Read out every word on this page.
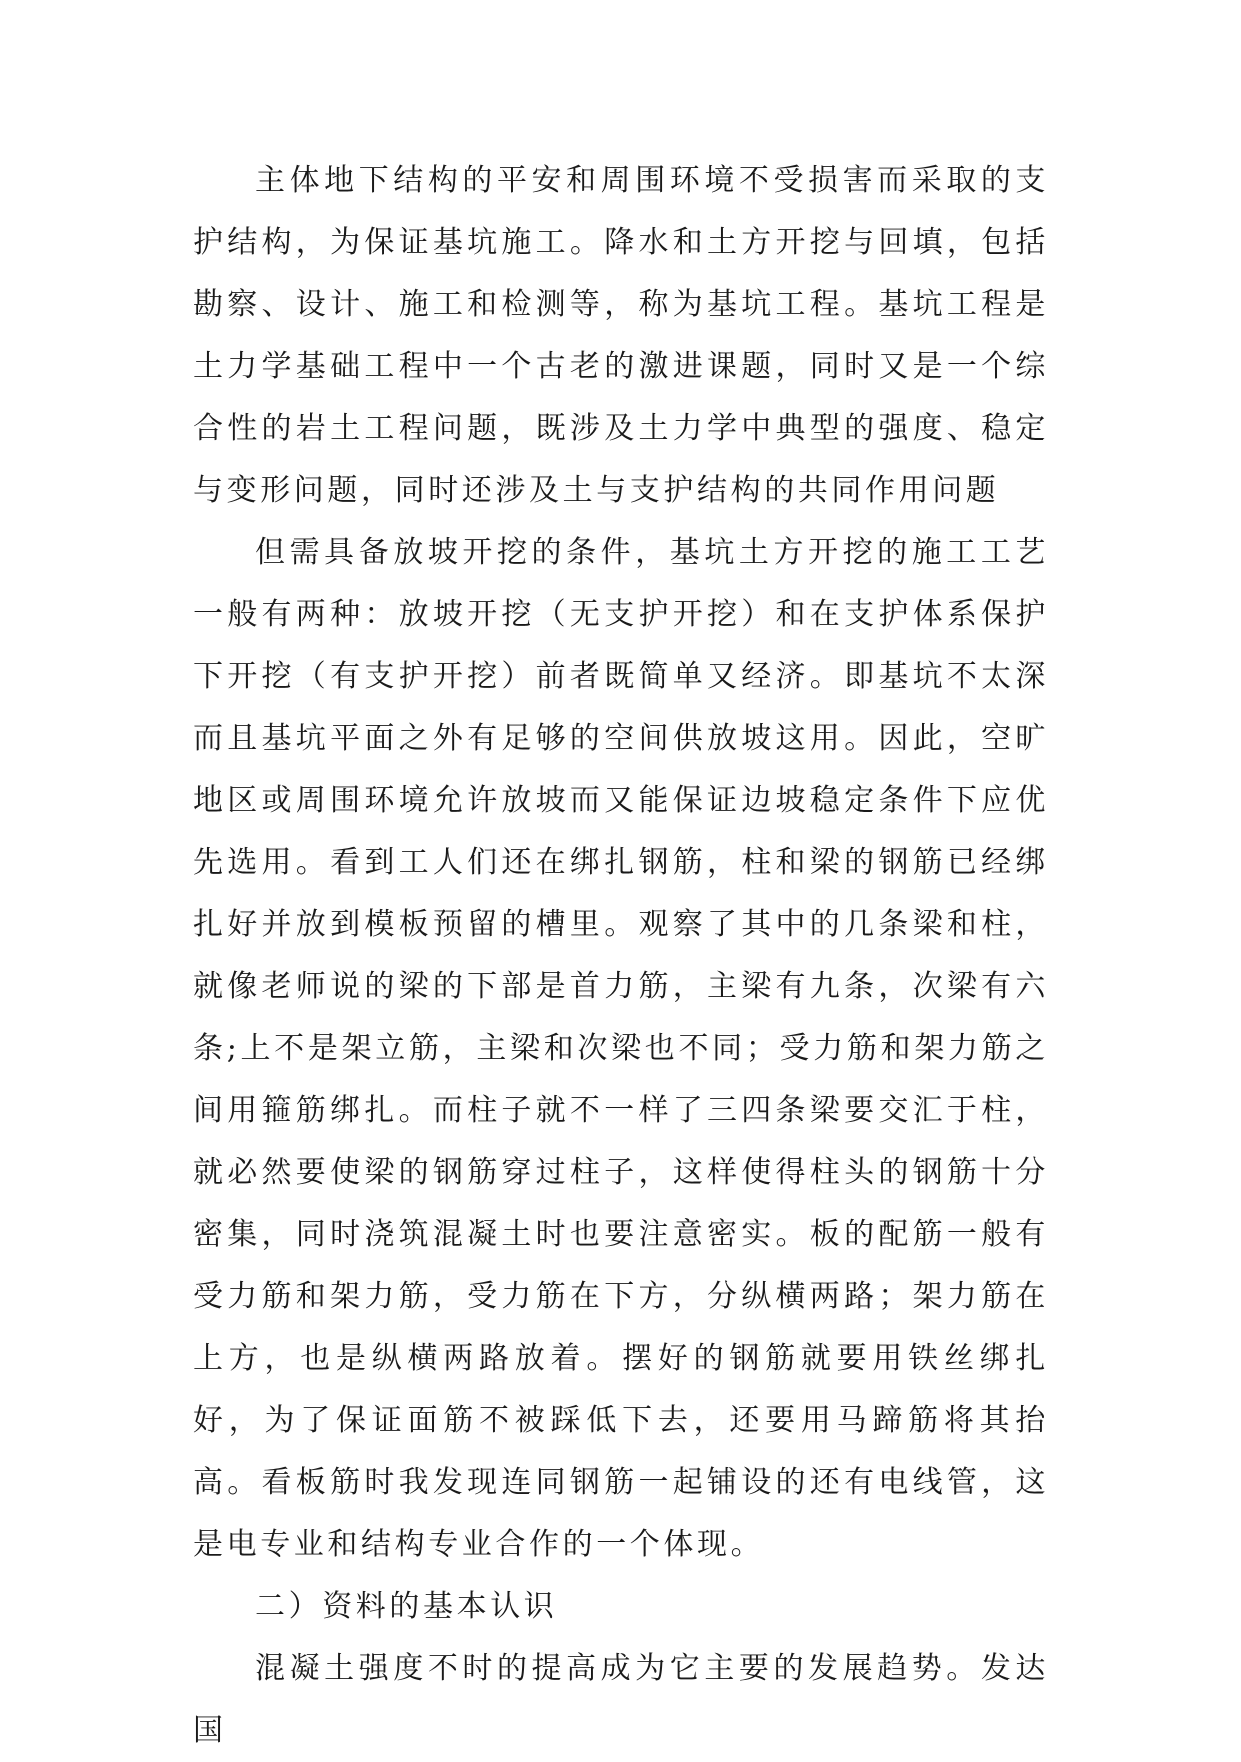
主体地下结构的平安和周围环境不受损害而采取的支护结构，为保证基坑施工。降水和土方开挖与回填，包括勘察、设计、施工和检测等，称为基坑工程。基坑工程是土力学基础工程中一个古老的激进课题，同时又是一个综合性的岩土工程问题，既涉及土力学中典型的强度、稳定与变形问题，同时还涉及土与支护结构的共同作用问题

但需具备放坡开挖的条件，基坑土方开挖的施工工艺一般有两种：放坡开挖（无支护开挖）和在支护体系保护下开挖（有支护开挖）前者既简单又经济。即基坑不太深而且基坑平面之外有足够的空间供放坡这用。因此，空旷地区或周围环境允许放坡而又能保证边坡稳定条件下应优先选用。看到工人们还在绑扎钢筋，柱和梁的钢筋已经绑扎好并放到模板预留的槽里。观察了其中的几条梁和柱，就像老师说的梁的下部是首力筋，主梁有九条，次梁有六条;上不是架立筋，主梁和次梁也不同；受力筋和架力筋之间用箍筋绑扎。而柱子就不一样了三四条梁要交汇于柱，就必然要使梁的钢筋穿过柱子，这样使得柱头的钢筋十分密集，同时浇筑混凝土时也要注意密实。板的配筋一般有受力筋和架力筋，受力筋在下方，分纵横两路；架力筋在上方，也是纵横两路放着。摆好的钢筋就要用铁丝绑扎好，为了保证面筋不被踩低下去，还要用马蹄筋将其抬高。看板筋时我发现连同钢筋一起铺设的还有电线管，这是电专业和结构专业合作的一个体现。

二）资料的基本认识

混凝土强度不时的提高成为它主要的发展趋势。发达国
